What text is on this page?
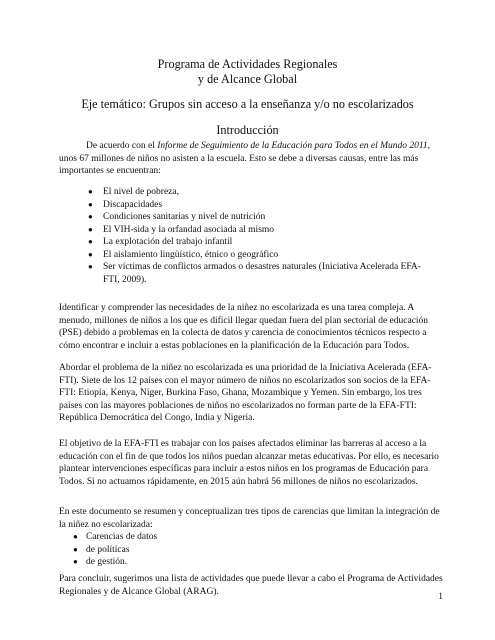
Programa de Actividades Regionales
y de Alcance Global
Eje temático: Grupos sin acceso a la enseñanza y/o no escolarizados
Introducción

De acuerdo con el Informe de Seguimiento de la Educación para Todos en el Mundo 2011, unos 67 millones de niños no asisten a la escuela. Esto se debe a diversas causas, entre las más importantes se encuentran:

● El nivel de pobreza,
● Discapacidades
● Condiciones sanitarias y nivel de nutrición
● El VIH-sida y la orfandad asociada al mismo
● La explotación del trabajo infantil
● El aislamiento lingüístico, étnico o geográfico
● Ser víctimas de conflictos armados o desastres naturales (Iniciativa Acelerada EFA-FTI, 2009).

Identificar y comprender las necesidades de la niñez no escolarizada es una tarea compleja. A menudo, millones de niños a los que es difícil llegar quedan fuera del plan sectorial de educación (PSE) debido a problemas en la colecta de datos y carencia de conocimientos técnicos respecto a cómo encontrar e incluir a estas poblaciones en la planificación de la Educación para Todos.

Abordar el problema de la niñez no escolarizada es una prioridad de la Iniciativa Acelerada (EFA-FTI). Siete de los 12 países con el mayor número de niños no escolarizados son socios de la EFA-FTI: Etiopía, Kenya, Niger, Burkina Faso, Ghana, Mozambique y Yemen. Sin embargo, los tres países con las mayores poblaciones de niños no escolarizados no forman parte de la EFA-FTI: República Democrática del Congo, India y Nigeria.

El objetivo de la EFA-FTI es trabajar con los países afectados eliminar las barreras al acceso a la educación con el fin de que todos los niños puedan alcanzar metas educativas. Por ello, es necesario plantear intervenciones específicas para incluir a estos niños en los programas de Educación para Todos. Si no actuamos rápidamente, en 2015 aún habrá 56 millones de niños no escolarizados.

En este documento se resumen y conceptualizan tres tipos de carencias que limitan la integración de la niñez no escolarizada:

● Carencias de datos
● de políticas
● de gestión.

Para concluir, sugerimos una lista de actividades que puede llevar a cabo el Programa de Actividades Regionales y de Alcance Global (ARAG).

1
